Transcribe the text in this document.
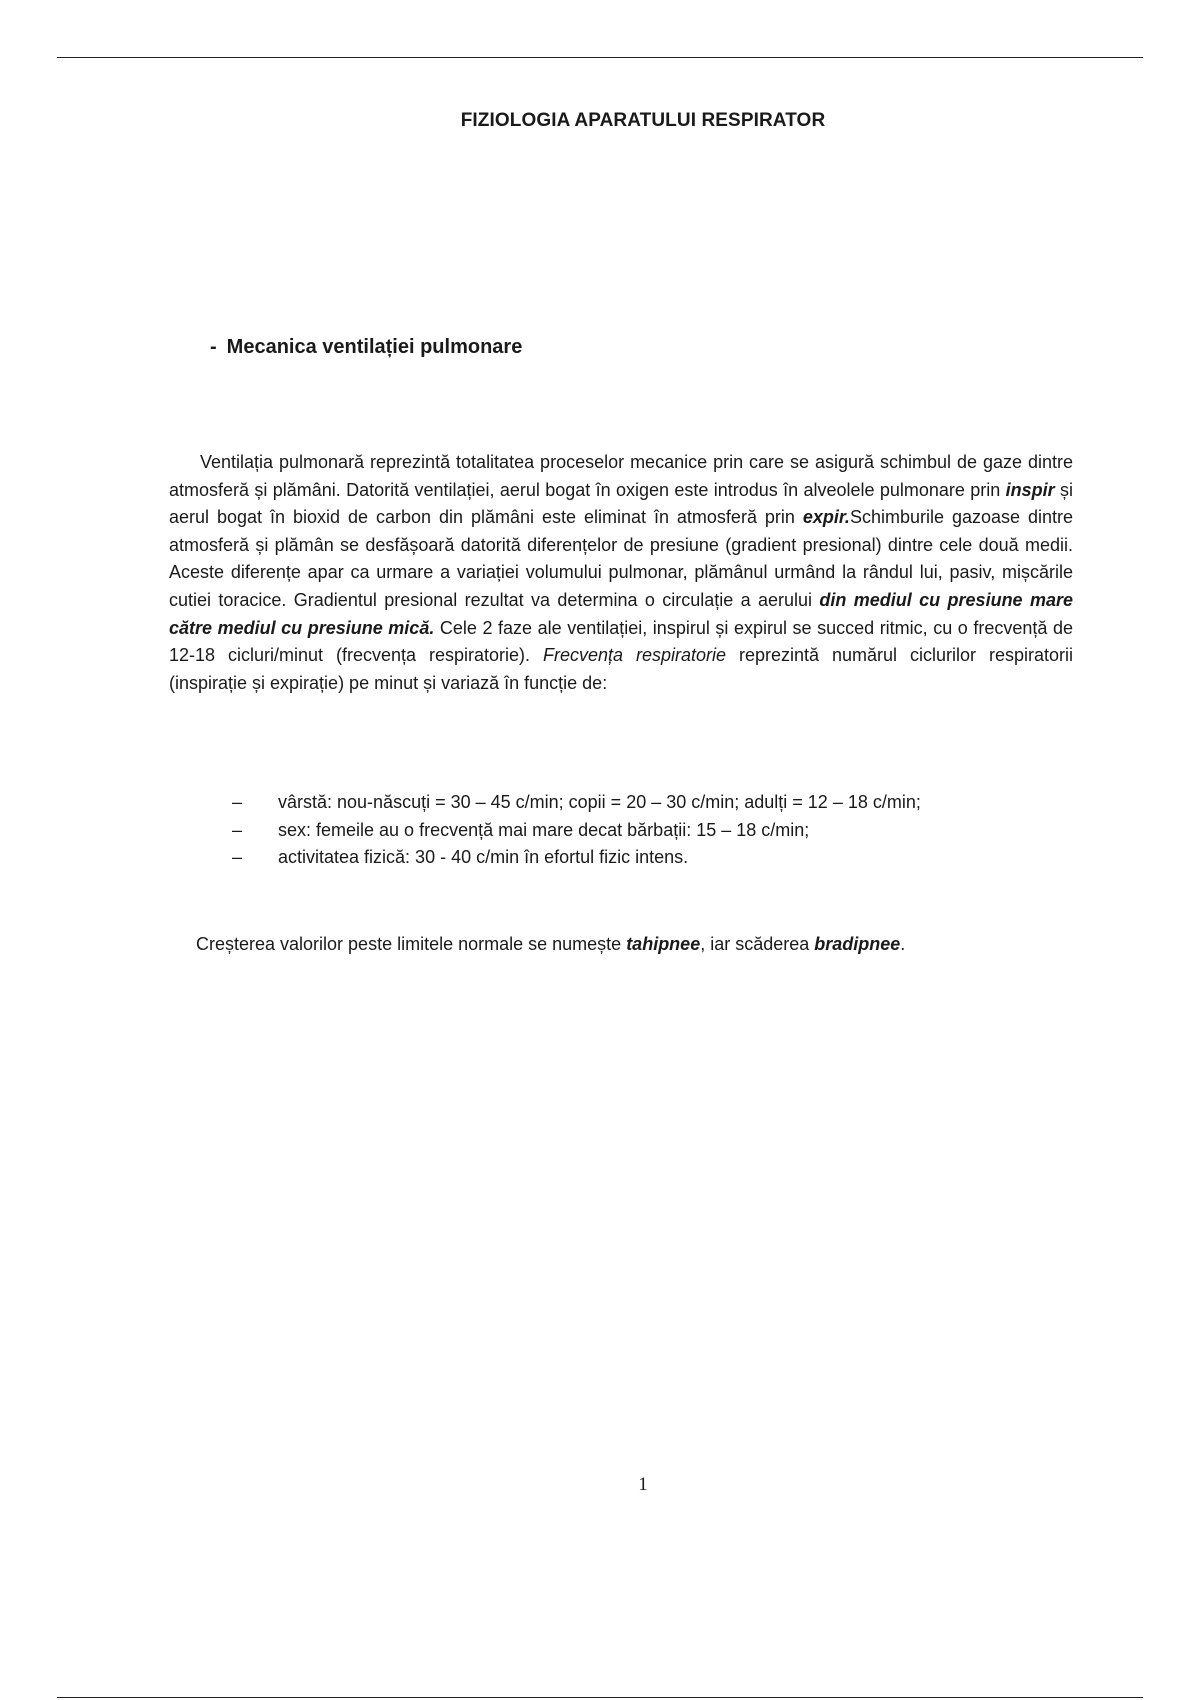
FIZIOLOGIA APARATULUI RESPIRATOR
- Mecanica ventilației pulmonare
Ventilația pulmonară reprezintă totalitatea proceselor mecanice prin care se asigură schimbul de gaze dintre atmosferă și plămâni. Datorită ventilației, aerul bogat în oxigen este introdus în alveolele pulmonare prin inspir și aerul bogat în bioxid de carbon din plămâni este eliminat în atmosferă prin expir.Schimburile gazoase dintre atmosferă și plămân se desfășoară datorită diferențelor de presiune (gradient presional) dintre cele două medii. Aceste diferențe apar ca urmare a variației volumului pulmonar, plămânul urmând la rândul lui, pasiv, mișcările cutiei toracice. Gradientul presional rezultat va determina o circulație a aerului din mediul cu presiune mare către mediul cu presiune mică. Cele 2 faze ale ventilației, inspirul și expirul se succed ritmic, cu o frecvență de 12-18 cicluri/minut (frecvența respiratorie). Frecvența respiratorie reprezintă numărul ciclurilor respiratorii (inspirație și expirație) pe minut și variază în funcție de:
– vârstă: nou-născuți = 30 – 45 c/min; copii = 20 – 30 c/min; adulți = 12 – 18 c/min;
– sex: femeile au o frecvență mai mare decat bărbații: 15 – 18 c/min;
– activitatea fizică: 30 - 40 c/min în efortul fizic intens.
Creșterea valorilor peste limitele normale se numește tahipnee, iar scăderea bradipnee.
1
